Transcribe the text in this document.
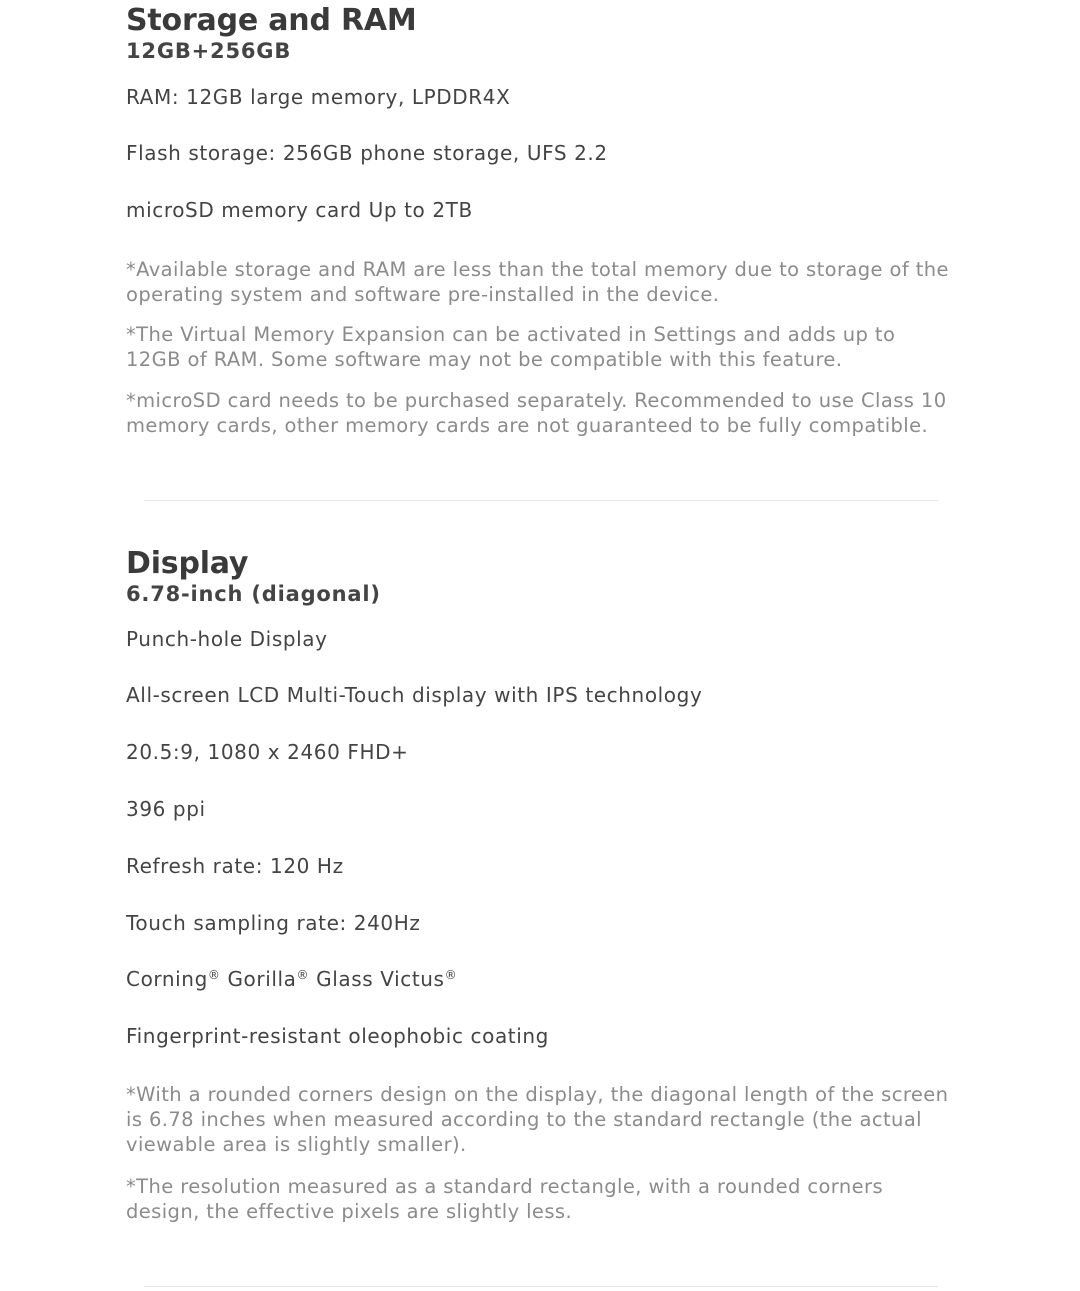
Storage and RAM
12GB+256GB

RAM: 12GB large memory, LPDDR4X

Flash storage: 256GB phone storage, UFS 2.2

microSD memory card Up to 2TB

*Available storage and RAM are less than the total memory due to storage of the operating system and software pre-installed in the device.

*The Virtual Memory Expansion can be activated in Settings and adds up to 12GB of RAM. Some software may not be compatible with this feature.

*microSD card needs to be purchased separately. Recommended to use Class 10 memory cards, other memory cards are not guaranteed to be fully compatible.

Display
6.78-inch (diagonal)

Punch-hole Display

All-screen LCD Multi-Touch display with IPS technology

20.5:9, 1080 x 2460 FHD+

396 ppi

Refresh rate: 120 Hz

Touch sampling rate: 240Hz

Corning® Gorilla® Glass Victus®

Fingerprint-resistant oleophobic coating

*With a rounded corners design on the display, the diagonal length of the screen is 6.78 inches when measured according to the standard rectangle (the actual viewable area is slightly smaller).

*The resolution measured as a standard rectangle, with a rounded corners design, the effective pixels are slightly less.
